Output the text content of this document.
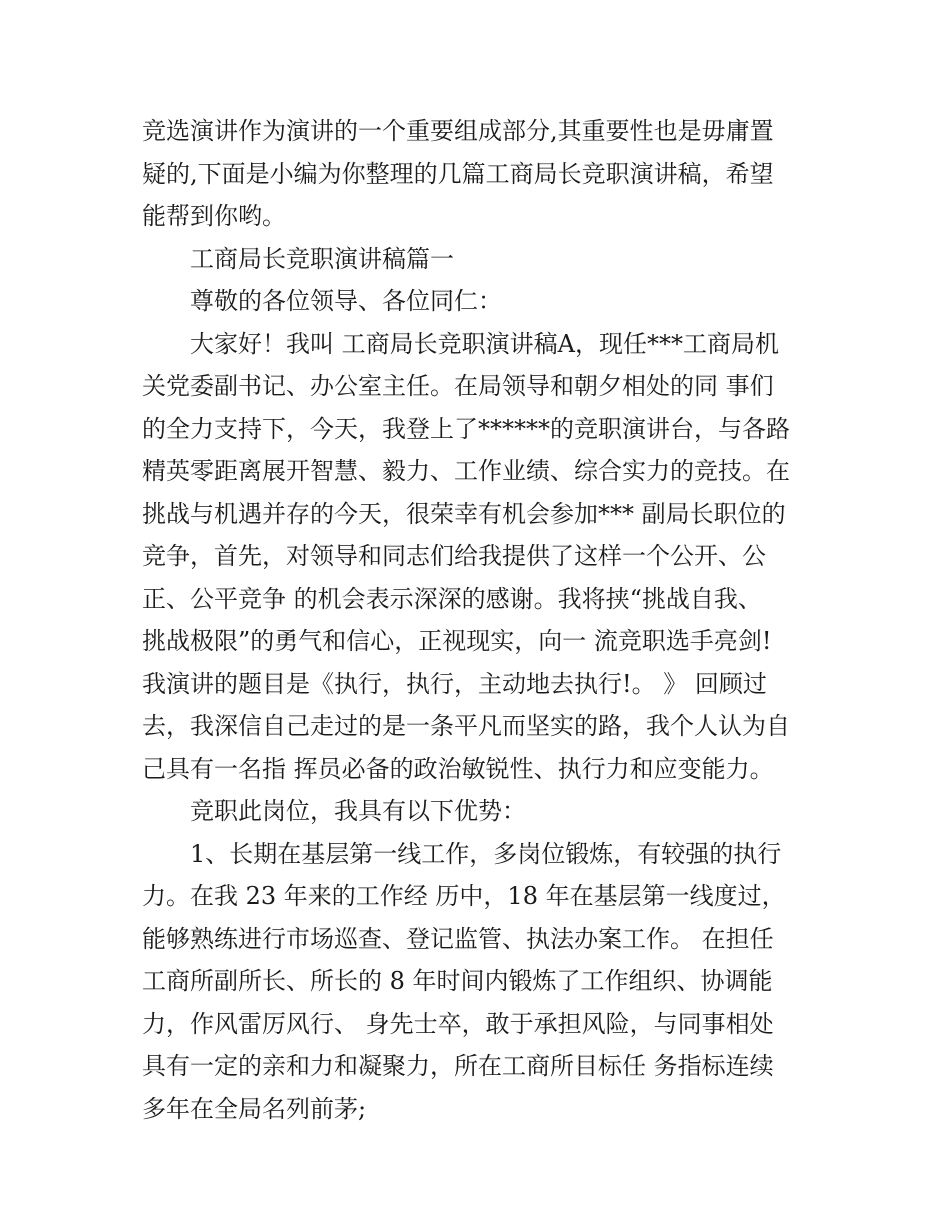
竞选演讲作为演讲的一个重要组成部分,其重要性也是毋庸置
疑的,下面是小编为你整理的几篇工商局长竞职演讲稿，希望
能帮到你哟。

工商局长竞职演讲稿篇一

尊敬的各位领导、各位同仁：

大家好！我叫 工商局长竞职演讲稿A，现任***工商局机
关党委副书记、办公室主任。在局领导和朝夕相处的同 事们
的全力支持下，今天，我登上了******的竞职演讲台，与各路
精英零距离展开智慧、毅力、工作业绩、综合实力的竞技。在
挑战与机遇并存的今天，很荣幸有机会参加*** 副局长职位的
竞争，首先，对领导和同志们给我提供了这样一个公开、公
正、公平竞争 的机会表示深深的感谢。我将挟“挑战自我、
挑战极限”的勇气和信心，正视现实，向一 流竞职选手亮剑!
我演讲的题目是《执行，执行，主动地去执行!。 》 回顾过
去，我深信自己走过的是一条平凡而坚实的路，我个人认为自
己具有一名指 挥员必备的政治敏锐性、执行力和应变能力。

竞职此岗位，我具有以下优势：

1、长期在基层第一线工作，多岗位锻炼，有较强的执行
力。在我 23 年来的工作经 历中，18 年在基层第一线度过，
能够熟练进行市场巡查、登记监管、执法办案工作。 在担任
工商所副所长、所长的 8 年时间内锻炼了工作组织、协调能
力，作风雷厉风行、 身先士卒，敢于承担风险，与同事相处
具有一定的亲和力和凝聚力，所在工商所目标任 务指标连续
多年在全局名列前茅;
